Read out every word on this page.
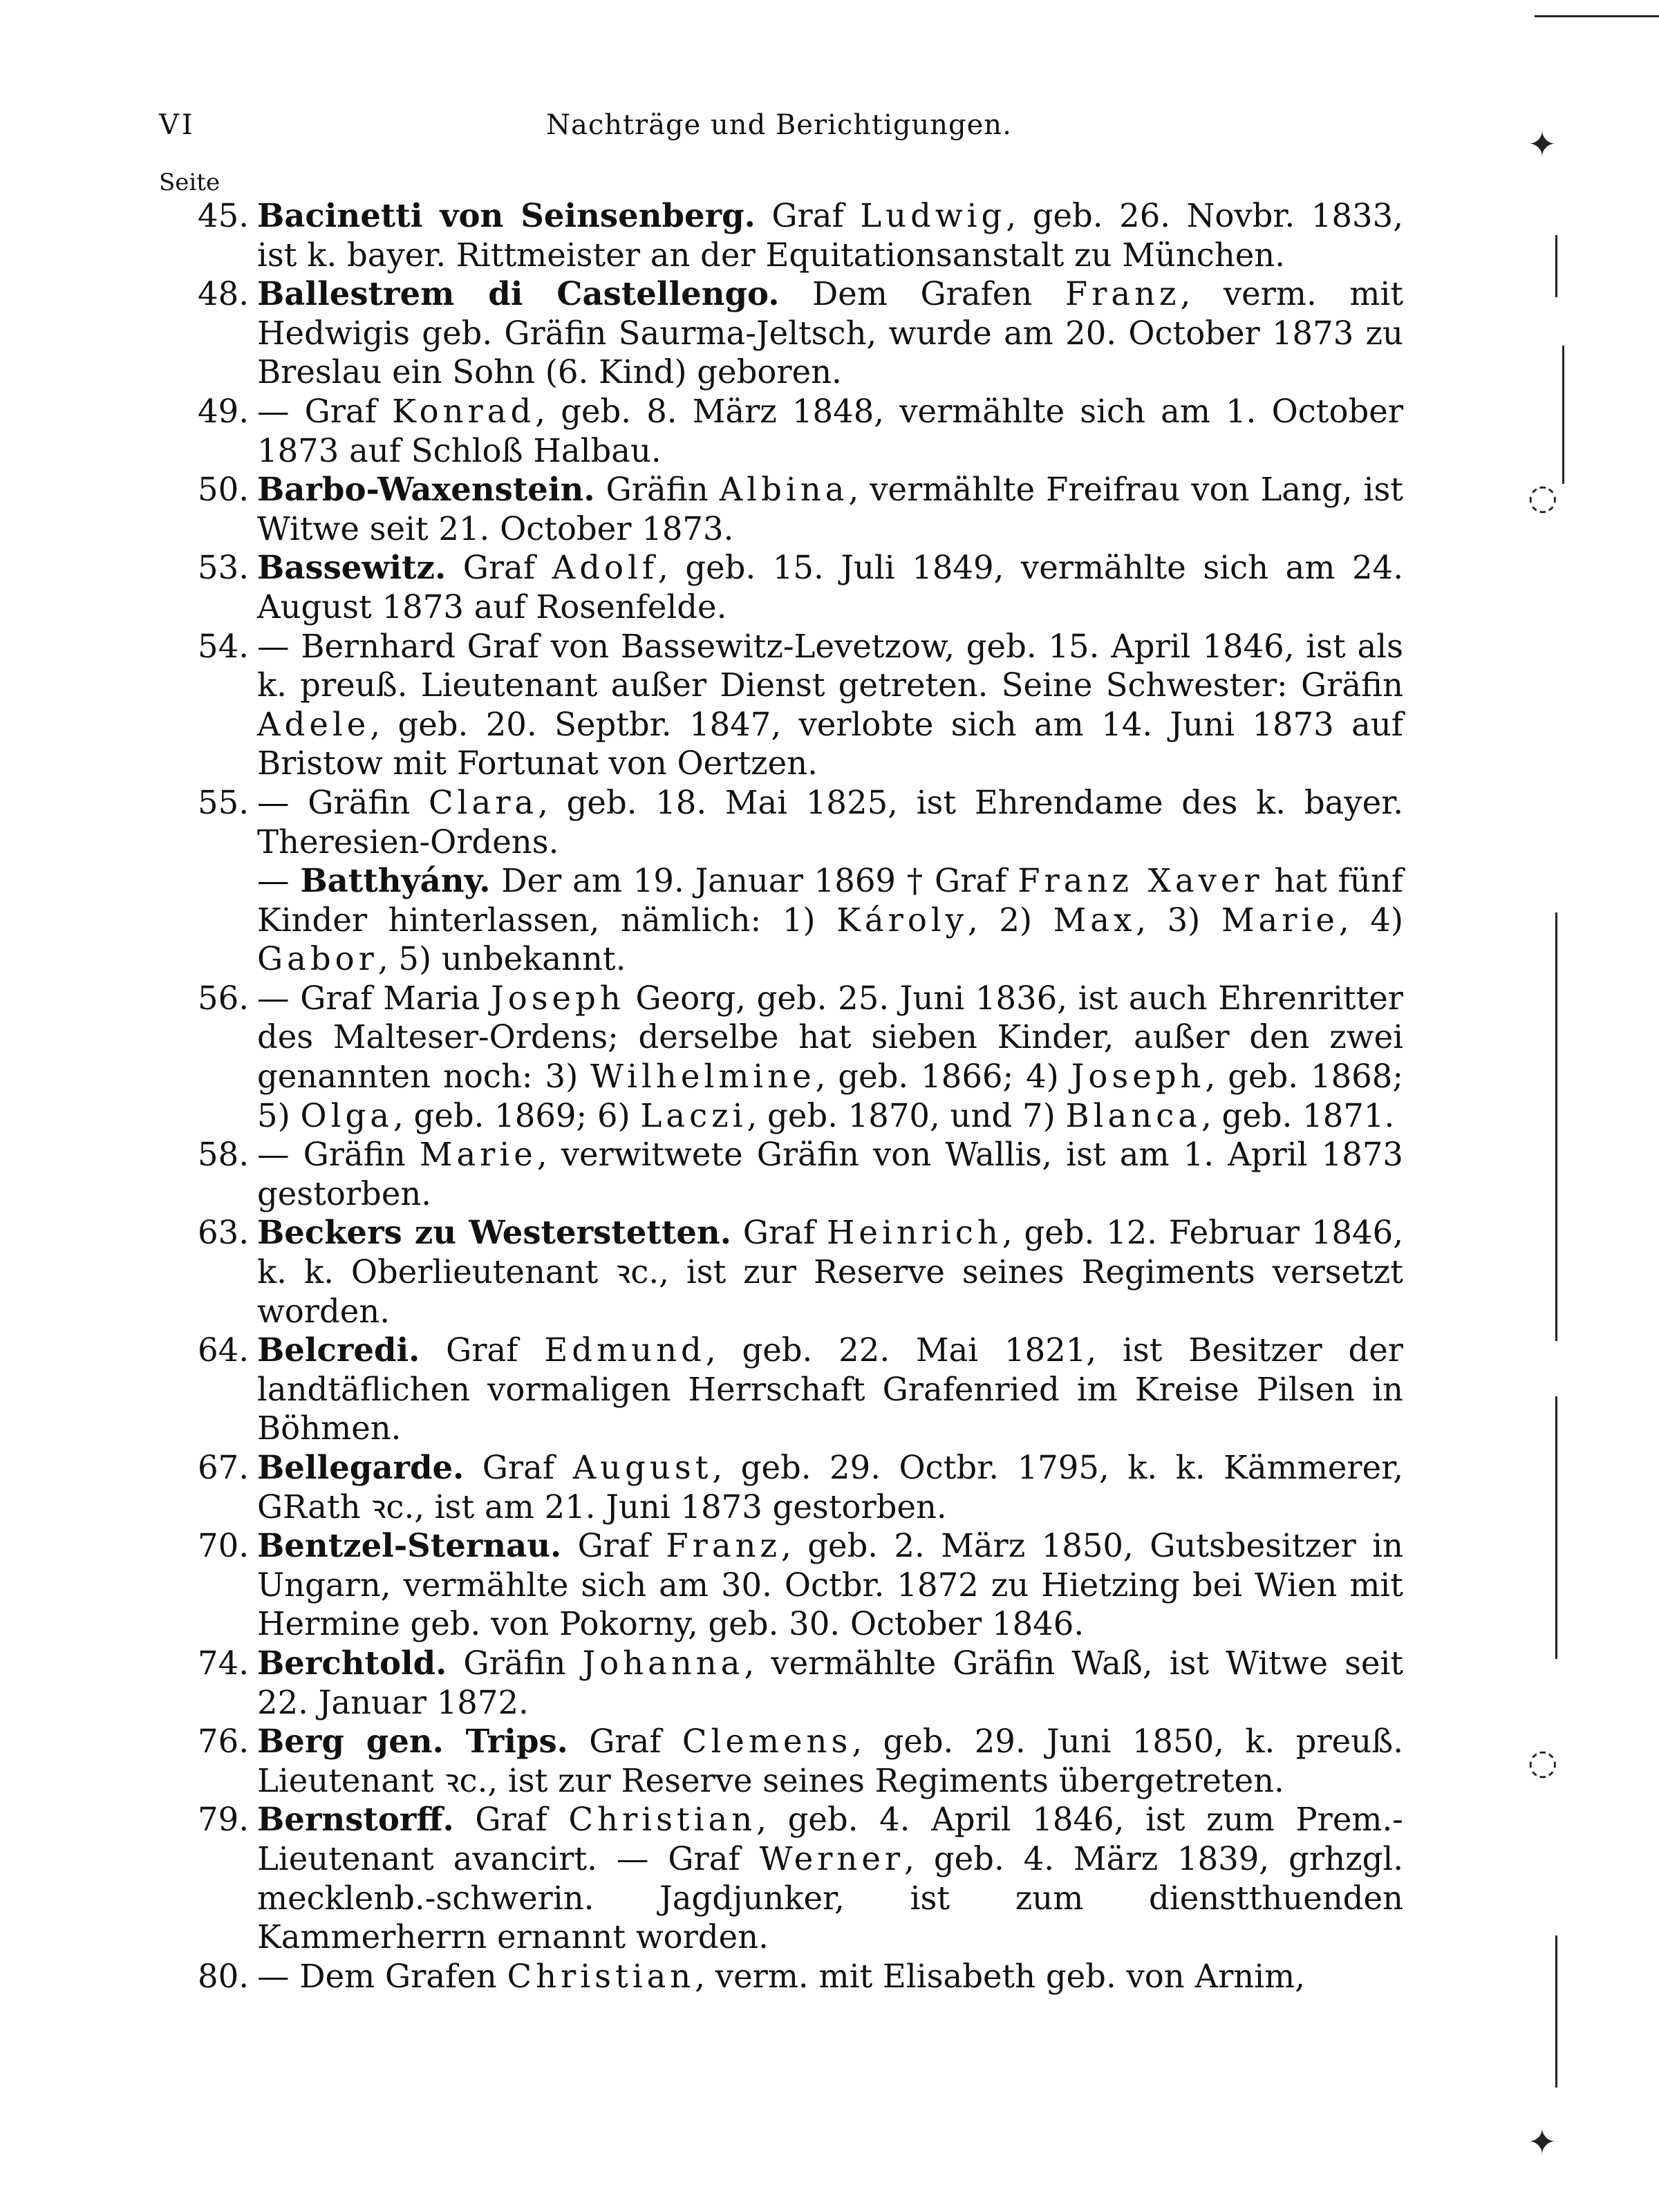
VI	Nachträge und Berichtigungen.
Seite
45. Bacinetti von Seinsenberg. Graf Ludwig, geb. 26. Novbr. 1833, ist k. bayer. Rittmeister an der Equitationsanstalt zu München.
48. Ballestrem di Castellengo. Dem Grafen Franz, verm. mit Hedwigis geb. Gräfin Saurma-Jeltsch, wurde am 20. October 1873 zu Breslau ein Sohn (6. Kind) geboren.
49. — Graf Konrad, geb. 8. März 1848, vermählte sich am 1. October 1873 auf Schloß Halbau.
50. Barbo-Waxenstein. Gräfin Albina, vermählte Freifrau von Lang, ist Witwe seit 21. October 1873.
53. Bassewitz. Graf Adolf, geb. 15. Juli 1849, vermählte sich am 24. August 1873 auf Rosenfelde.
54. — Bernhard Graf von Bassewitz-Levetzow, geb. 15. April 1846, ist als k. preuß. Lieutenant außer Dienst getreten. Seine Schwester: Gräfin Adele, geb. 20. Septbr. 1847, verlobte sich am 14. Juni 1873 auf Bristow mit Fortunat von Oertzen.
55. — Gräfin Clara, geb. 18. Mai 1825, ist Ehrendame des k. bayer. Theresien-Ordens.
— Batthyány. Der am 19. Januar 1869 † Graf Franz Xaver hat fünf Kinder hinterlassen, nämlich: 1) Károly, 2) Max, 3) Marie, 4) Gabor, 5) unbekannt.
56. — Graf Maria Joseph Georg, geb. 25. Juni 1836, ist auch Ehrenritter des Malteser-Ordens; derselbe hat sieben Kinder, außer den zwei genannten noch: 3) Wilhelmine, geb. 1866; 4) Joseph, geb. 1868; 5) Olga, geb. 1869; 6) Laczi, geb. 1870, und 7) Blanca, geb. 1871.
58. — Gräfin Marie, verwitwete Gräfin von Wallis, ist am 1. April 1873 gestorben.
63. Beckers zu Westerstetten. Graf Heinrich, geb. 12. Februar 1846, k. k. Oberlieutenant ꝛc., ist zur Reserve seines Regiments versetzt worden.
64. Belcredi. Graf Edmund, geb. 22. Mai 1821, ist Besitzer der landtäflichen vormaligen Herrschaft Grafenried im Kreise Pilsen in Böhmen.
67. Bellegarde. Graf August, geb. 29. Octbr. 1795, k. k. Kämmerer, GRath ꝛc., ist am 21. Juni 1873 gestorben.
70. Bentzel-Sternau. Graf Franz, geb. 2. März 1850, Gutsbesitzer in Ungarn, vermählte sich am 30. Octbr. 1872 zu Hietzing bei Wien mit Hermine geb. von Pokorny, geb. 30. October 1846.
74. Berchtold. Gräfin Johanna, vermählte Gräfin Waß, ist Witwe seit 22. Januar 1872.
76. Berg gen. Trips. Graf Clemens, geb. 29. Juni 1850, k. preuß. Lieutenant ꝛc., ist zur Reserve seines Regiments übergetreten.
79. Bernstorff. Graf Christian, geb. 4. April 1846, ist zum Prem.-Lieutenant avancirt. — Graf Werner, geb. 4. März 1839, grhzgl. mecklenb.-schwerin. Jagdjunker, ist zum dienstthuenden Kammerherrn ernannt worden.
80. — Dem Grafen Christian, verm. mit Elisabeth geb. von Arnim,
✦
◌
◌
✦
